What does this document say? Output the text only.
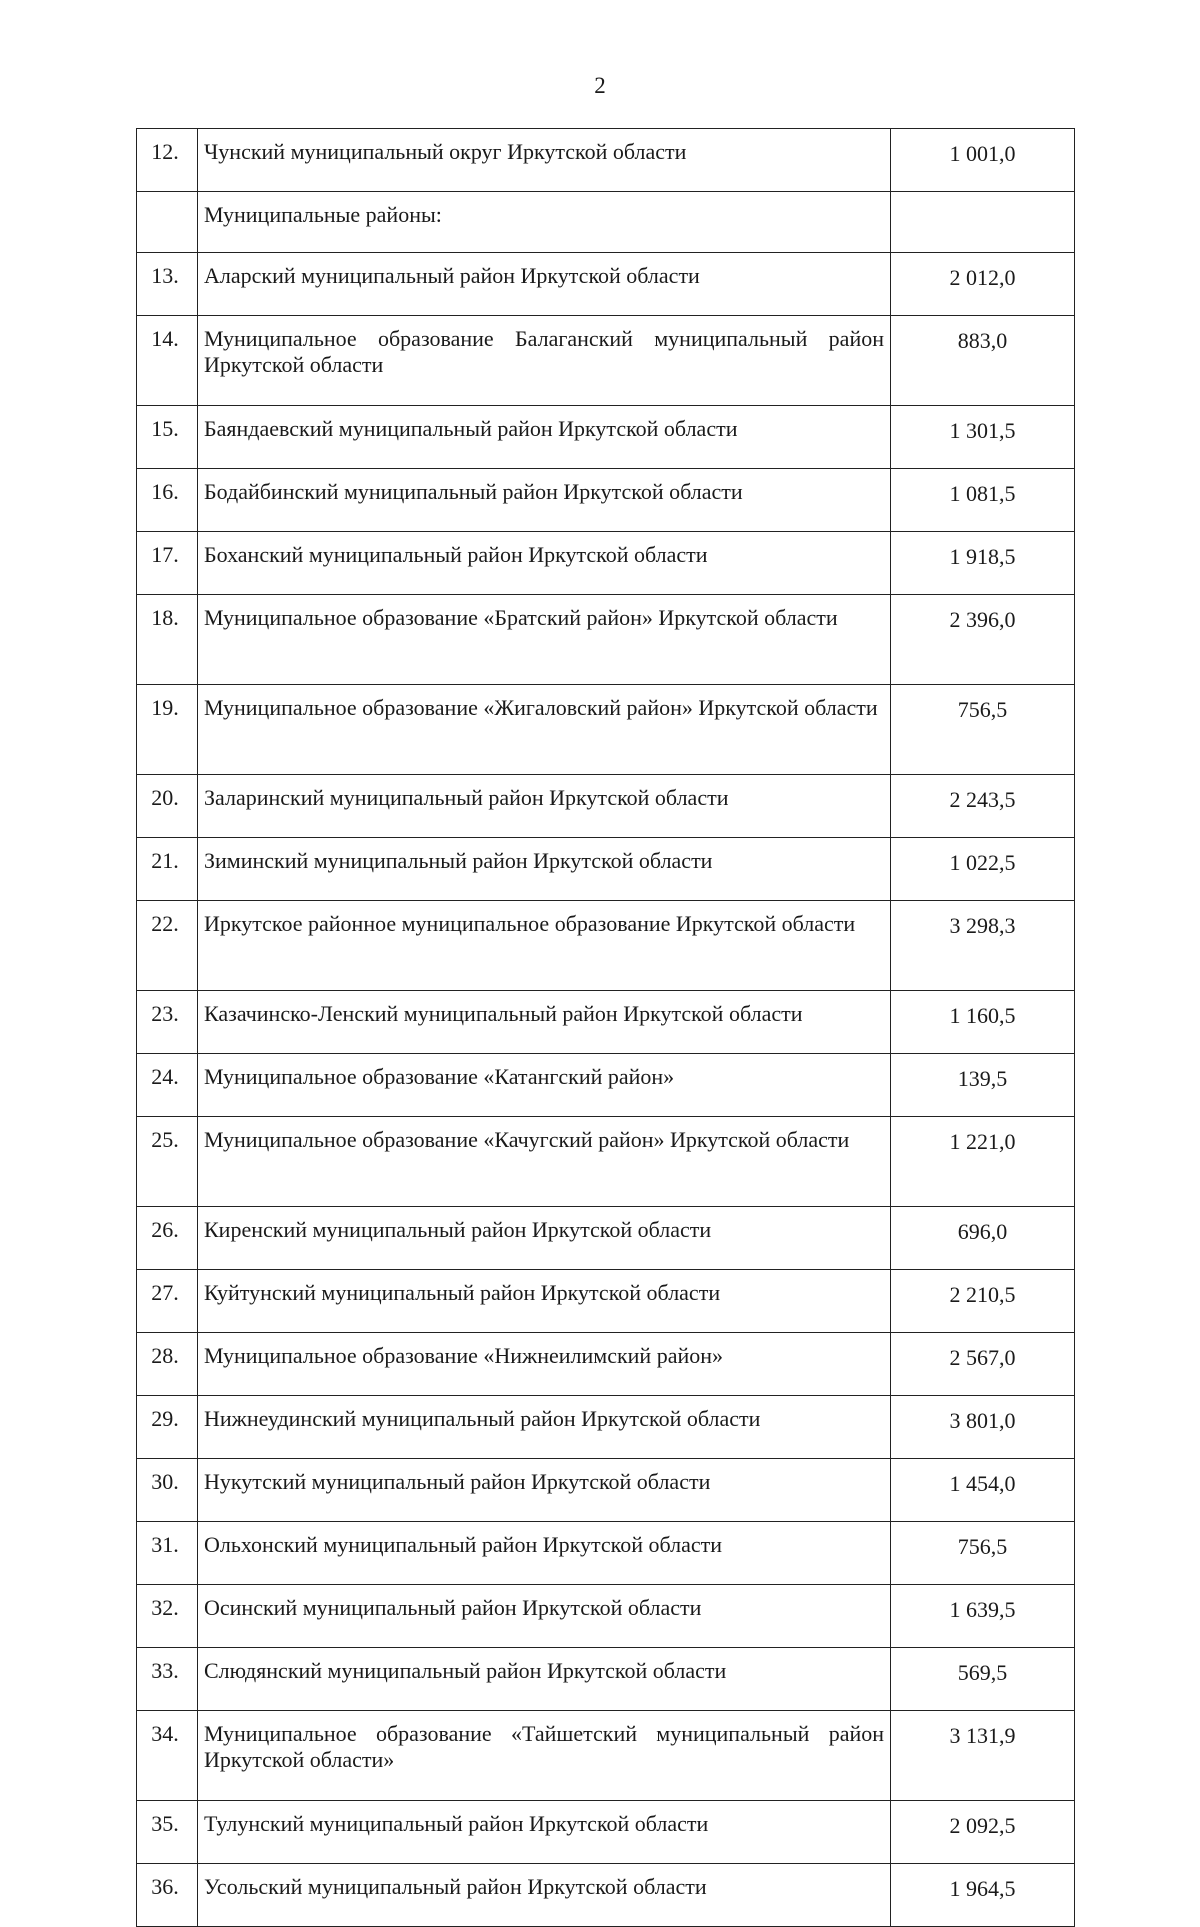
2
12.	Чунский муниципальный округ Иркутской области	1 001,0
	Муниципальные районы:	
13.	Аларский муниципальный район Иркутской области	2 012,0
14.	Муниципальное образование Балаганский муниципальный район Иркутской области	883,0
15.	Баяндаевский муниципальный район Иркутской области	1 301,5
16.	Бодайбинский муниципальный район Иркутской области	1 081,5
17.	Боханский муниципальный район Иркутской области	1 918,5
18.	Муниципальное образование «Братский район» Иркутской области	2 396,0
19.	Муниципальное образование «Жигаловский район» Иркутской области	756,5
20.	Заларинский муниципальный район Иркутской области	2 243,5
21.	Зиминский муниципальный район Иркутской области	1 022,5
22.	Иркутское районное муниципальное образование Иркутской области	3 298,3
23.	Казачинско-Ленский муниципальный район Иркутской области	1 160,5
24.	Муниципальное образование «Катангский район»	139,5
25.	Муниципальное образование «Качугский район» Иркутской области	1 221,0
26.	Киренский муниципальный район Иркутской области	696,0
27.	Куйтунский муниципальный район Иркутской области	2 210,5
28.	Муниципальное образование «Нижнеилимский район»	2 567,0
29.	Нижнеудинский муниципальный район Иркутской области	3 801,0
30.	Нукутский муниципальный район Иркутской области	1 454,0
31.	Ольхонский муниципальный район Иркутской области	756,5
32.	Осинский муниципальный район Иркутской области	1 639,5
33.	Слюдянский муниципальный район Иркутской области	569,5
34.	Муниципальное образование «Тайшетский муниципальный район Иркутской области»	3 131,9
35.	Тулунский муниципальный район Иркутской области	2 092,5
36.	Усольский муниципальный район Иркутской области	1 964,5
